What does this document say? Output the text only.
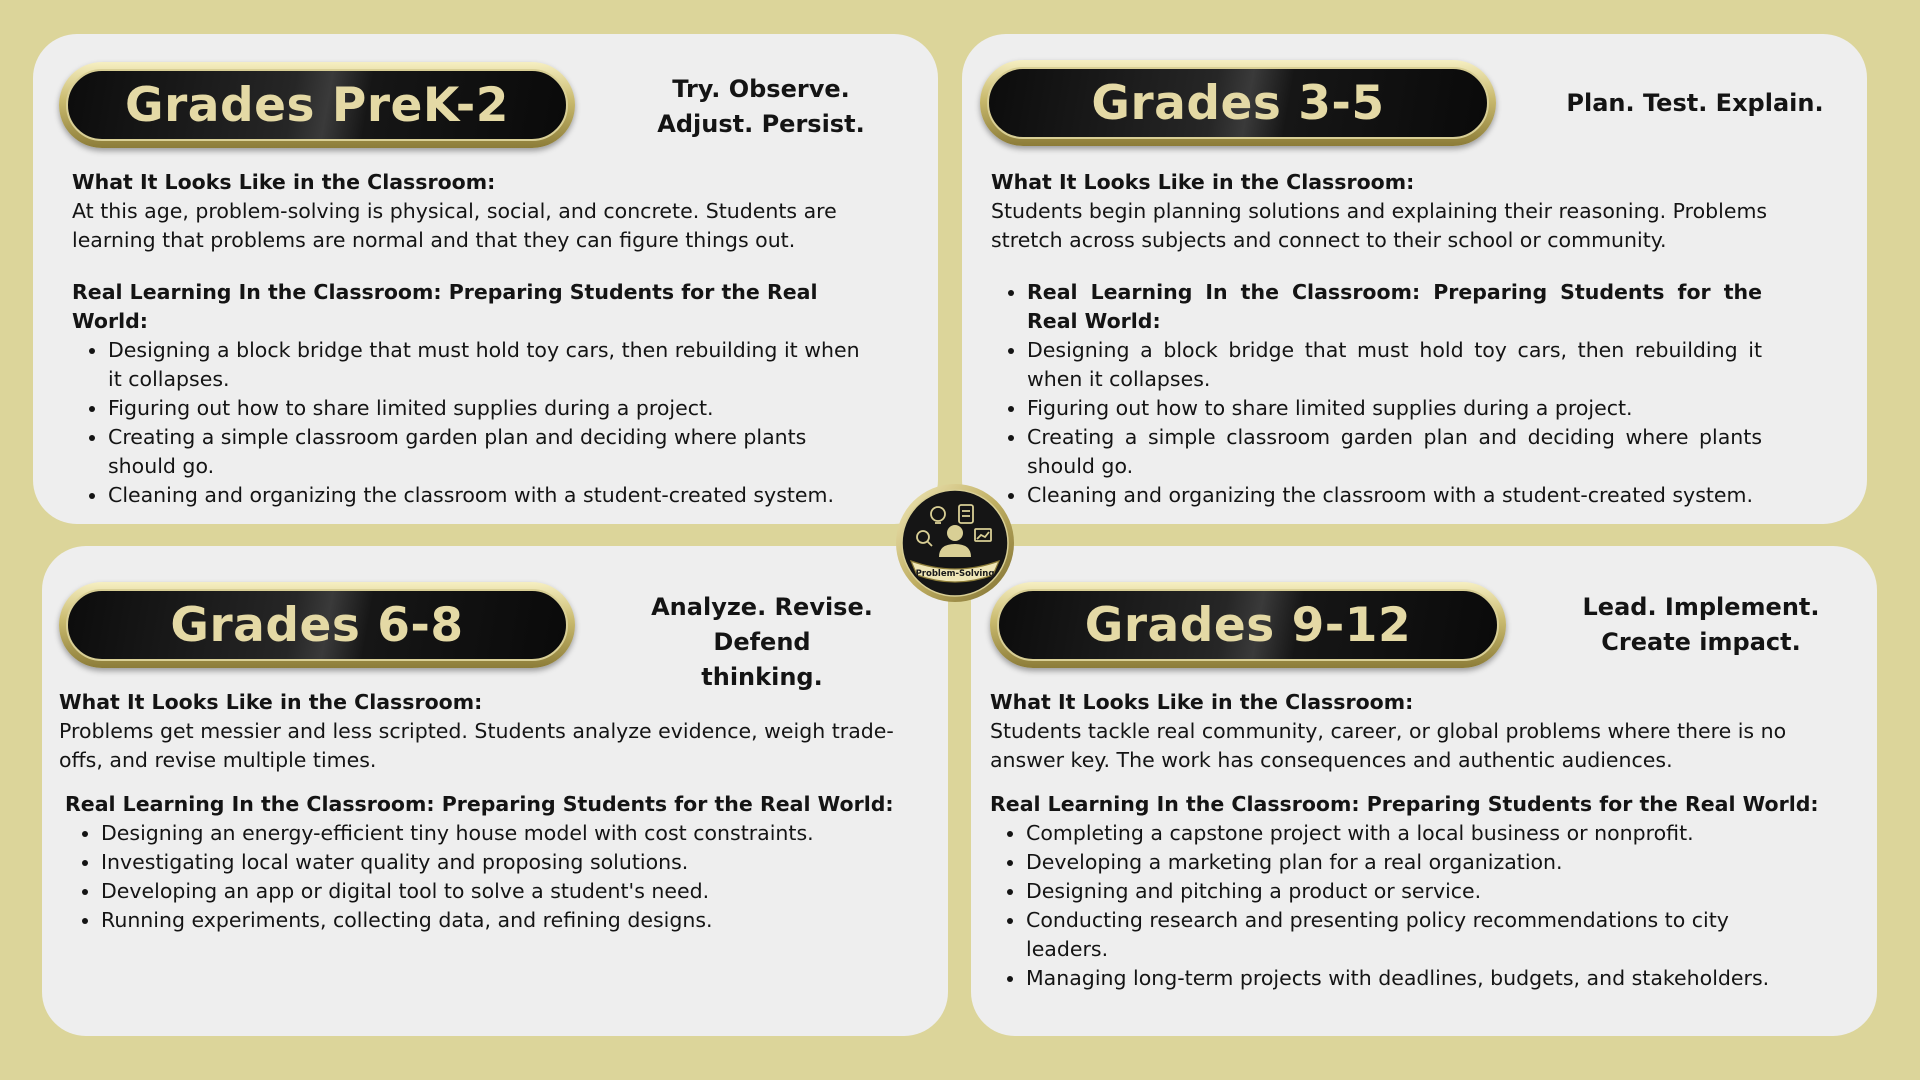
Grades PreK-2	Try. Observe.
Adjust. Persist.
What It Looks Like in the Classroom:
At this age, problem-solving is physical, social, and concrete. Students are learning that problems are normal and that they can figure things out.
Real Learning In the Classroom: Preparing Students for the Real World:
• Designing a block bridge that must hold toy cars, then rebuilding it when it collapses.
• Figuring out how to share limited supplies during a project.
• Creating a simple classroom garden plan and deciding where plants should go.
• Cleaning and organizing the classroom with a student-created system.
Grades 3-5	Plan. Test. Explain.
What It Looks Like in the Classroom:
Students begin planning solutions and explaining their reasoning. Problems stretch across subjects and connect to their school or community.
• Real Learning In the Classroom: Preparing Students for the Real World:
• Designing a block bridge that must hold toy cars, then rebuilding it when it collapses.
• Figuring out how to share limited supplies during a project.
• Creating a simple classroom garden plan and deciding where plants should go.
• Cleaning and organizing the classroom with a student-created system.
Grades 6-8	Analyze. Revise. Defend
thinking.
What It Looks Like in the Classroom:
Problems get messier and less scripted. Students analyze evidence, weigh trade-offs, and revise multiple times.
Real Learning In the Classroom: Preparing Students for the Real World:
• Designing an energy-efficient tiny house model with cost constraints.
• Investigating local water quality and proposing solutions.
• Developing an app or digital tool to solve a student's need.
• Running experiments, collecting data, and refining designs.
Grades 9-12	Lead. Implement.
Create impact.
What It Looks Like in the Classroom:
Students tackle real community, career, or global problems where there is no answer key. The work has consequences and authentic audiences.
Real Learning In the Classroom: Preparing Students for the Real World:
• Completing a capstone project with a local business or nonprofit.
• Developing a marketing plan for a real organization.
• Designing and pitching a product or service.
• Conducting research and presenting policy recommendations to city leaders.
• Managing long-term projects with deadlines, budgets, and stakeholders.
Problem-Solving
